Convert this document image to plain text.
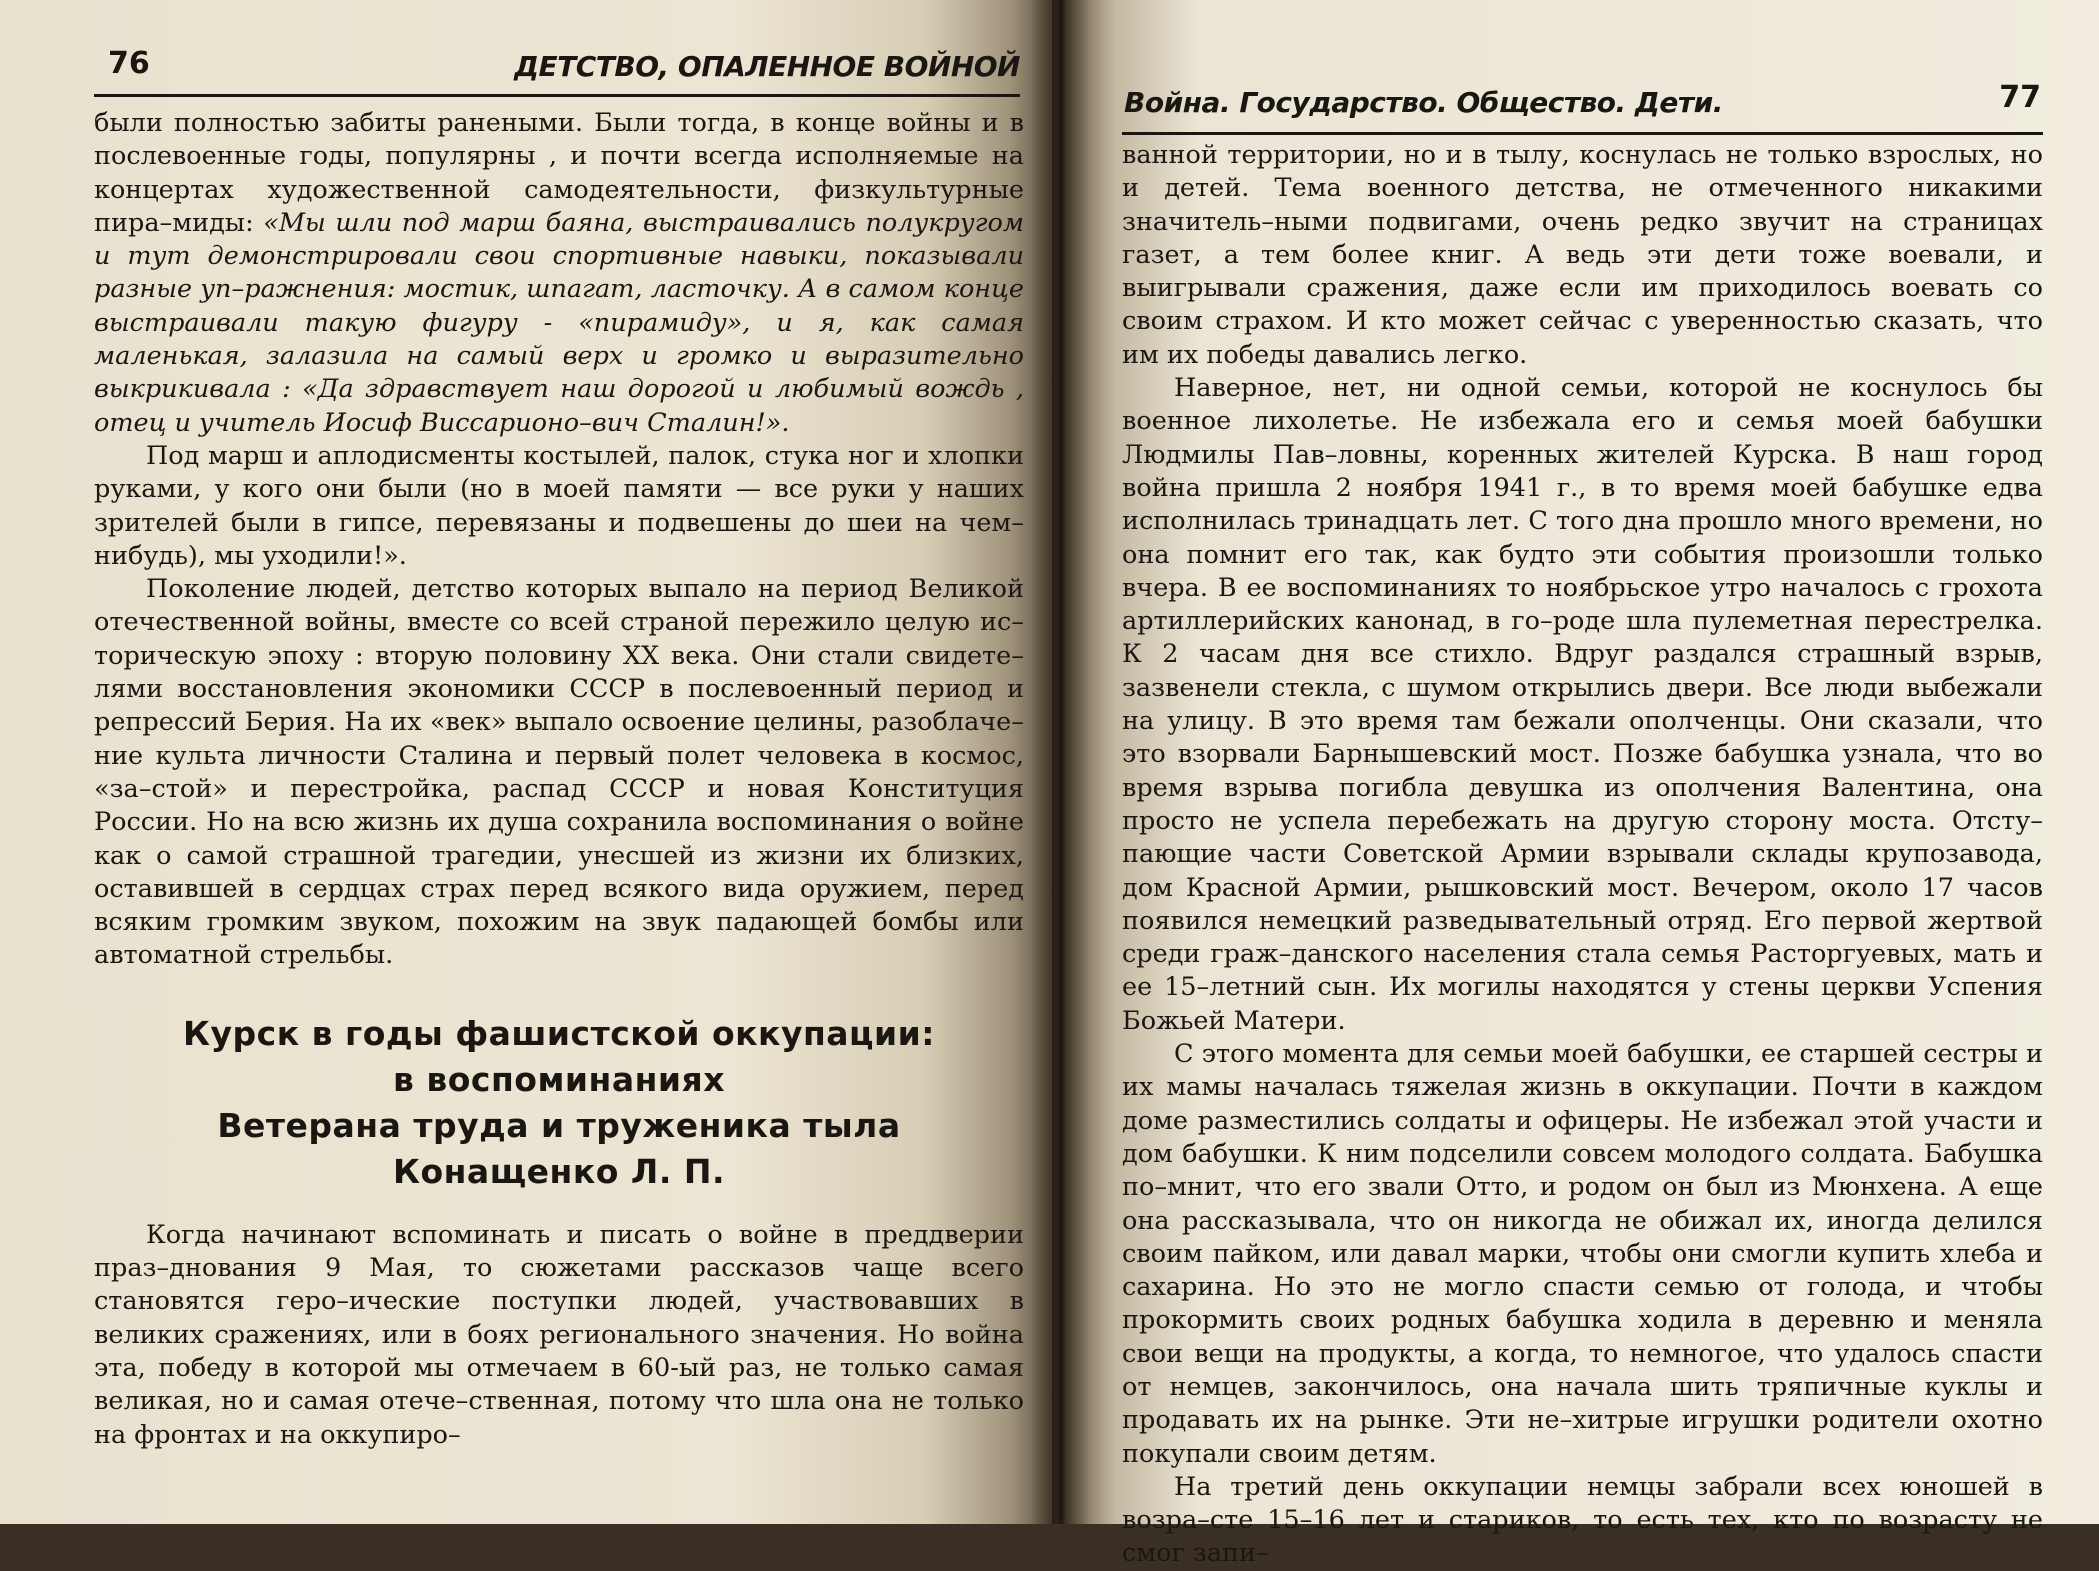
76	ДЕТСТВО, ОПАЛЕННОЕ ВОЙНОЙ

были полностью забиты ранеными. Были тогда, в конце войны и в послевоенные годы, популярны , и почти всегда исполняемые на концертах художественной самодеятельности, физкультурные пира–миды: «Мы шли под марш баяна, выстраивались полукругом и тут демонстрировали свои спортивные навыки, показывали разные уп–ражнения: мостик, шпагат, ласточку. А в самом конце выстраивали такую фигуру - «пирамиду», и я, как самая маленькая, залазила на самый верх и громко и выразительно выкрикивала : «Да здравствует наш дорогой и любимый вождь , отец и учитель Иосиф Виссарионо–вич Сталин!».

Под марш и аплодисменты костылей, палок, стука ног и хлопки руками, у кого они были (но в моей памяти — все руки у наших зрителей были в гипсе, перевязаны и подвешены до шеи на чем–нибудь), мы уходили!».

Поколение людей, детство которых выпало на период Великой отечественной войны, вместе со всей страной пережило целую ис–торическую эпоху : вторую половину XX века. Они стали свидете–лями восстановления экономики СССР в послевоенный период и репрессий Берия. На их «век» выпало освоение целины, разоблаче–ние культа личности Сталина и первый полет человека в космос, «за–стой» и перестройка, распад СССР и новая Конституция России. Но на всю жизнь их душа сохранила воспоминания о войне как о самой страшной трагедии, унесшей из жизни их близких, оставившей в сердцах страх перед всякого вида оружием, перед всяким громким звуком, похожим на звук падающей бомбы или автоматной стрельбы.

Курск в годы фашистской оккупации:
в воспоминаниях
Ветерана труда и труженика тыла
Конащенко Л. П.

Когда начинают вспоминать и писать о войне в преддверии праз–днования 9 Мая, то сюжетами рассказов чаще всего становятся геро–ические поступки людей, участвовавших в великих сражениях, или в боях регионального значения. Но война эта, победу в которой мы отмечаем в 60-ый раз, не только самая великая, но и самая отече–ственная, потому что шла она не только на фронтах и на оккупиро–

Война. Государство. Общество. Дети.	77

ванной территории, но и в тылу, коснулась не только взрослых, но и детей. Тема военного детства, не отмеченного никакими значитель–ными подвигами, очень редко звучит на страницах газет, а тем более книг. А ведь эти дети тоже воевали, и выигрывали сражения, даже если им приходилось воевать со своим страхом. И кто может сейчас с уверенностью сказать, что им их победы давались легко.

Наверное, нет, ни одной семьи, которой не коснулось бы военное лихолетье. Не избежала его и семья моей бабушки Людмилы Пав–ловны, коренных жителей Курска. В наш город война пришла 2 ноября 1941 г., в то время моей бабушке едва исполнилась тринадцать лет. С того дна прошло много времени, но она помнит его так, как будто эти события произошли только вчера. В ее воспоминаниях то ноябрьское утро началось с грохота артиллерийских канонад, в го–роде шла пулеметная перестрелка. К 2 часам дня все стихло. Вдруг раздался страшный взрыв, зазвенели стекла, с шумом открылись двери. Все люди выбежали на улицу. В это время там бежали ополченцы. Они сказали, что это взорвали Барнышевский мост. Позже бабушка узнала, что во время взрыва погибла девушка из ополчения Валентина, она просто не успела перебежать на другую сторону моста. Отсту–пающие части Советской Армии взрывали склады крупозавода, дом Красной Армии, рышковский мост. Вечером, около 17 часов появился немецкий разведывательный отряд. Его первой жертвой среди граж–данского населения стала семья Расторгуевых, мать и ее 15–летний сын. Их могилы находятся у стены церкви Успения Божьей Матери.

С этого момента для семьи моей бабушки, ее старшей сестры и их мамы началась тяжелая жизнь в оккупации. Почти в каждом доме разместились солдаты и офицеры. Не избежал этой участи и дом бабушки. К ним подселили совсем молодого солдата. Бабушка по–мнит, что его звали Отто, и родом он был из Мюнхена. А еще она рассказывала, что он никогда не обижал их, иногда делился своим пайком, или давал марки, чтобы они смогли купить хлеба и сахарина. Но это не могло спасти семью от голода, и чтобы прокормить своих родных бабушка ходила в деревню и меняла свои вещи на продукты, а когда, то немногое, что удалось спасти от немцев, закончилось, она начала шить тряпичные куклы и продавать их на рынке. Эти не–хитрые игрушки родители охотно покупали своим детям.

На третий день оккупации немцы забрали всех юношей в возра–сте 15–16 лет и стариков, то есть тех, кто по возрасту не смог запи–
